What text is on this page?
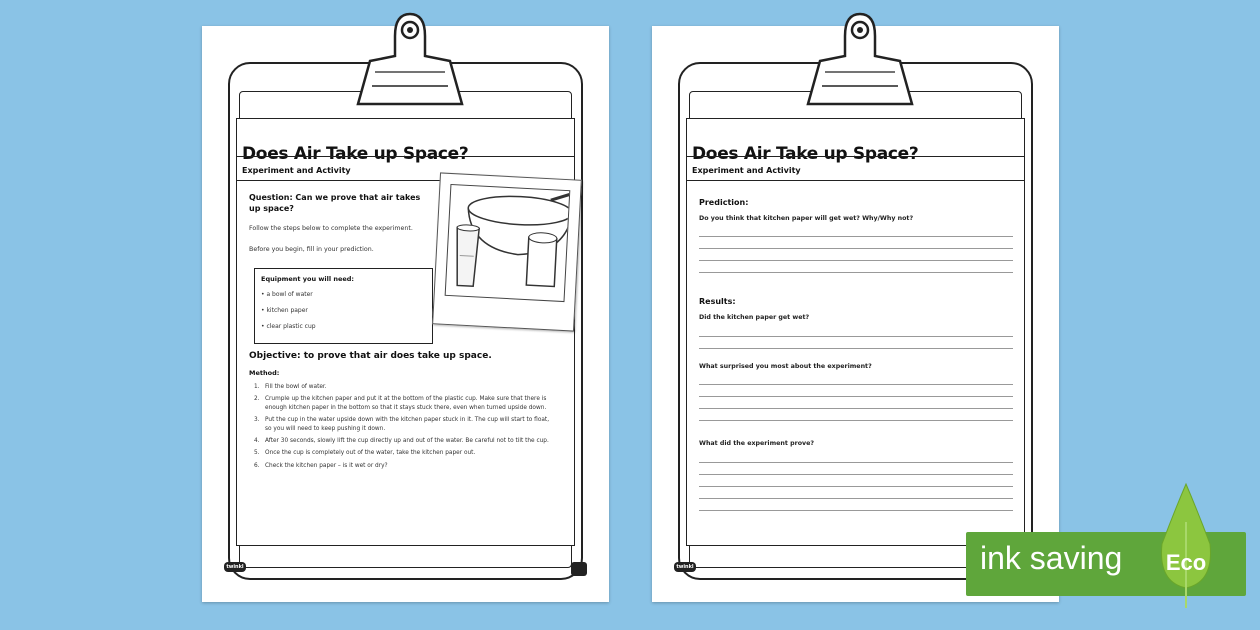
Does Air Take up Space?
Experiment and Activity
Question: Can we prove that air takes up space?
Follow the steps below to complete the experiment.
Before you begin, fill in your prediction.
Equipment you will need:
• a bowl of water
• kitchen paper
• clear plastic cup
Objective: to prove that air does take up space.
Method:
1. Fill the bowl of water.
2. Crumple up the kitchen paper and put it at the bottom of the plastic cup. Make sure that there is enough kitchen paper in the bottom so that it stays stuck there, even when turned upside down.
3. Put the cup in the water upside down with the kitchen paper stuck in it. The cup will start to float, so you will need to keep pushing it down.
4. After 30 seconds, slowly lift the cup directly up and out of the water. Be careful not to tilt the cup.
5. Once the cup is completely out of the water, take the kitchen paper out.
6. Check the kitchen paper – is it wet or dry?
twinkl
Does Air Take up Space?
Experiment and Activity
Prediction:
Do you think that kitchen paper will get wet? Why/Why not?
Results:
Did the kitchen paper get wet?
What surprised you most about the experiment?
What did the experiment prove?
twinkl	ink saving Eco
